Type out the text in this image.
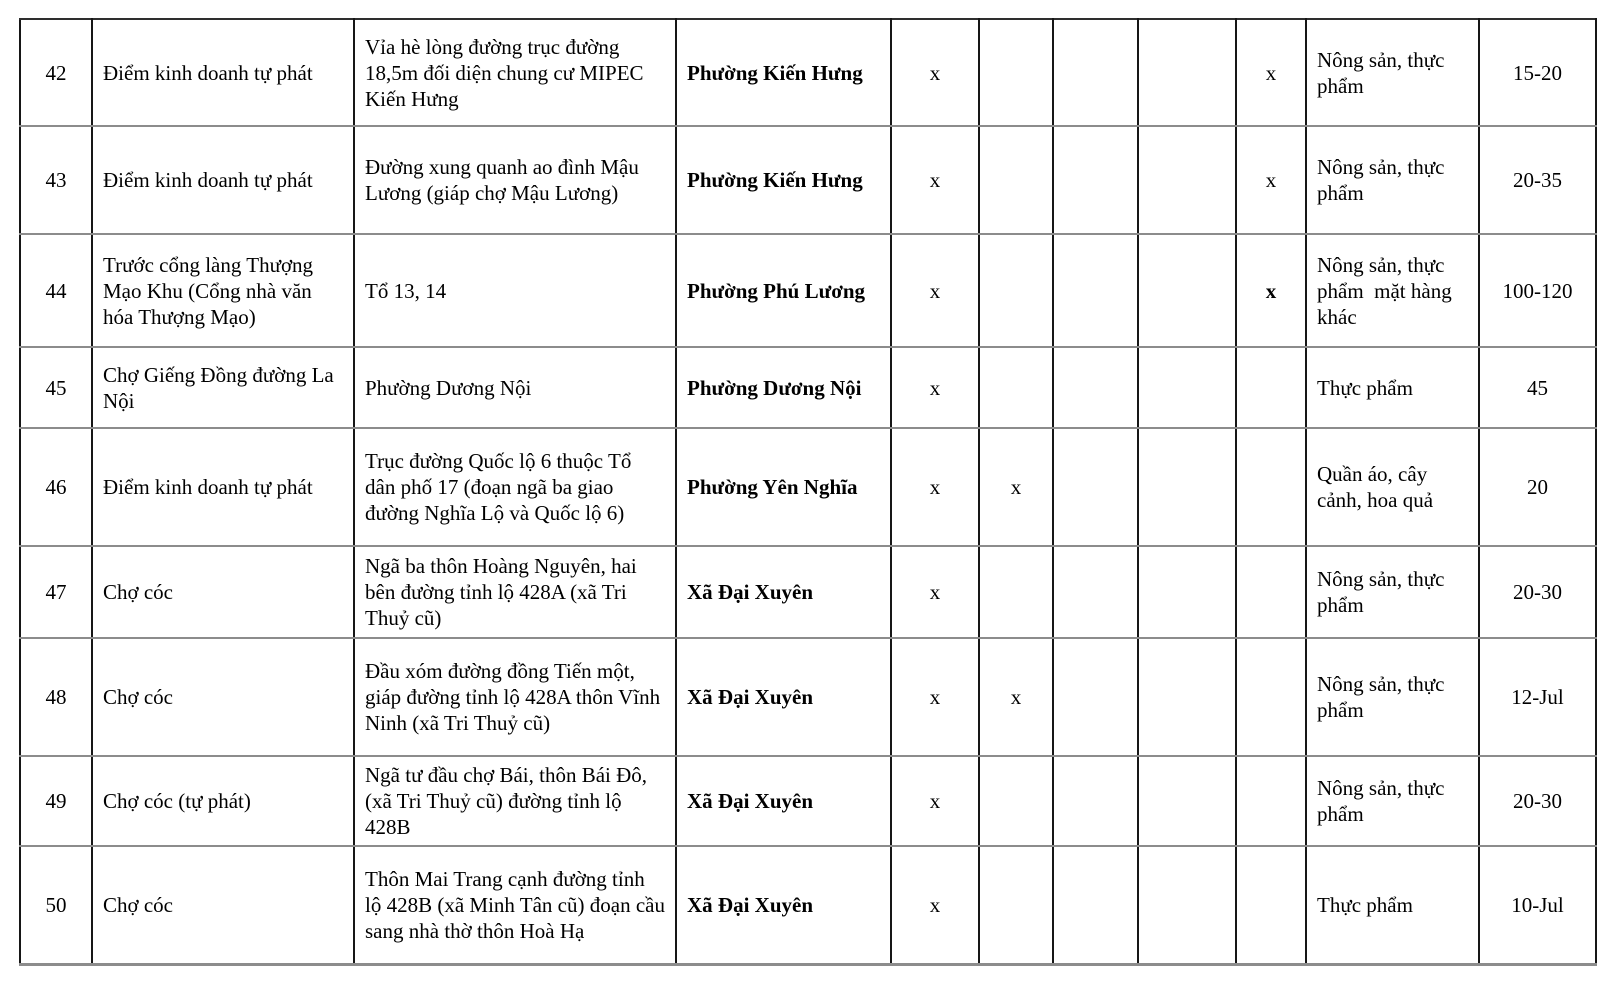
42	Điểm kinh doanh tự phát	Vỉa hè lòng đường trục đường 18,5m đối diện chung cư MIPEC Kiến Hưng	Phường Kiến Hưng	x				x	Nông sản, thực phẩm	15-20
43	Điểm kinh doanh tự phát	Đường xung quanh ao đình Mậu Lương (giáp chợ Mậu Lương)	Phường Kiến Hưng	x				x	Nông sản, thực phẩm	20-35
44	Trước cổng làng Thượng Mạo Khu (Cổng nhà văn hóa Thượng Mạo)	Tổ 13, 14	Phường Phú Lương	x				x	Nông sản, thực phẩm  mặt hàng khác	100-120
45	Chợ Giếng Đồng đường La Nội	Phường Dương Nội	Phường Dương Nội	x					Thực phẩm	45
46	Điểm kinh doanh tự phát	Trục đường Quốc lộ 6 thuộc Tổ dân phố 17 (đoạn ngã ba giao đường Nghĩa Lộ và Quốc lộ 6)	Phường Yên Nghĩa	x	x				Quần áo, cây cảnh, hoa quả	20
47	Chợ cóc	Ngã ba thôn Hoàng Nguyên, hai bên đường tỉnh lộ 428A (xã Tri Thuỷ cũ)	Xã Đại Xuyên	x					Nông sản, thực phẩm	20-30
48	Chợ cóc	Đầu xóm đường đồng Tiến một, giáp đường tỉnh lộ 428A thôn Vĩnh Ninh (xã Tri Thuỷ cũ)	Xã Đại Xuyên	x	x				Nông sản, thực phẩm	12-Jul
49	Chợ cóc (tự phát)	Ngã tư đầu chợ Bái, thôn Bái Đô, (xã Tri Thuỷ cũ) đường tỉnh lộ 428B	Xã Đại Xuyên	x					Nông sản, thực phẩm	20-30
50	Chợ cóc	Thôn Mai Trang cạnh đường tỉnh lộ 428B (xã Minh Tân cũ) đoạn cầu sang nhà thờ thôn Hoà Hạ	Xã Đại Xuyên	x					Thực phẩm	10-Jul
